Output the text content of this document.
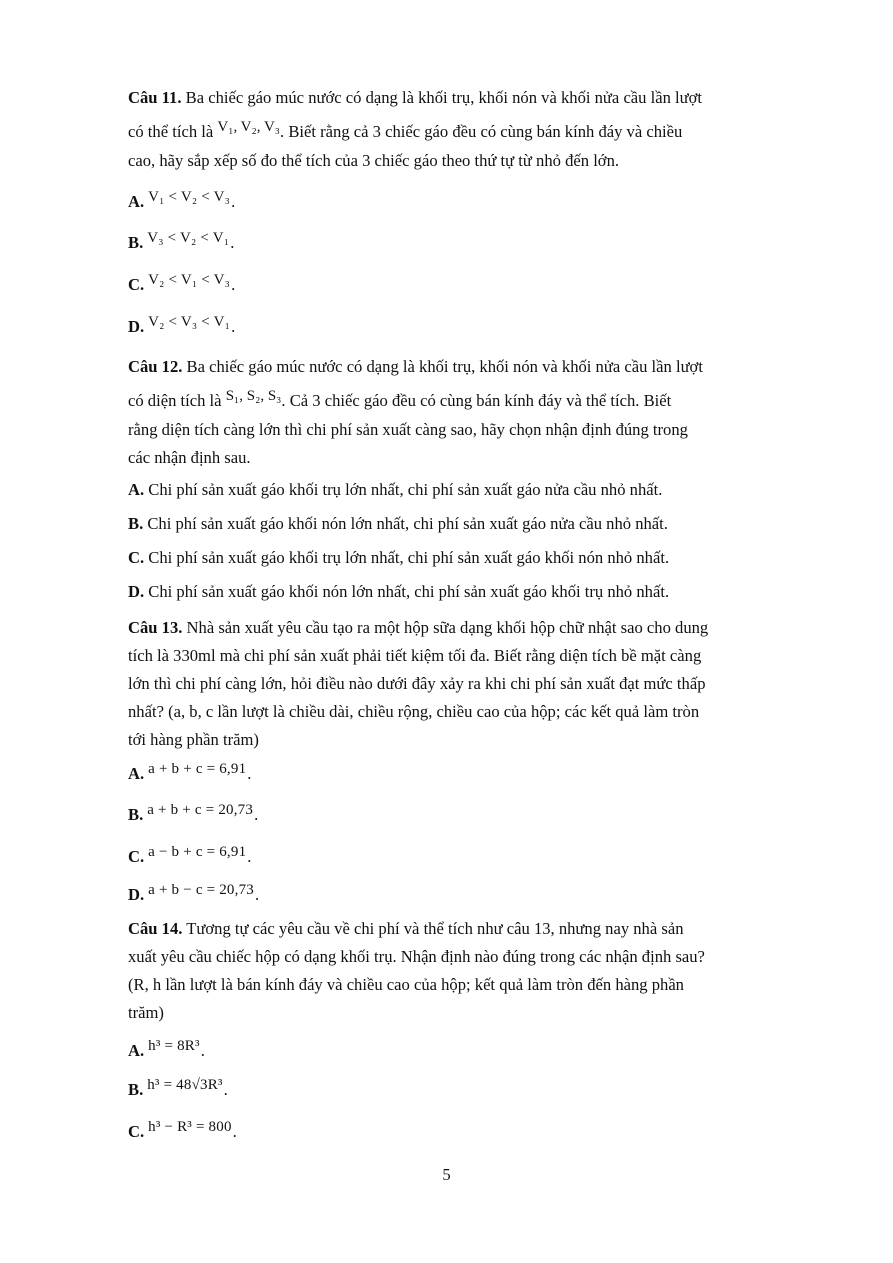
Câu 11. Ba chiếc gáo múc nước có dạng là khối trụ, khối nón và khối nửa cầu lần lượt
có thể tích là V₁, V₂, V₃. Biết rằng cả 3 chiếc gáo đều có cùng bán kính đáy và chiều
cao, hãy sắp xếp số đo thể tích của 3 chiếc gáo theo thứ tự từ nhỏ đến lớn.
A. V₁ < V₂ < V₃.
B. V₃ < V₂ < V₁.
C. V₂ < V₁ < V₃.
D. V₂ < V₃ < V₁.
Câu 12. Ba chiếc gáo múc nước có dạng là khối trụ, khối nón và khối nửa cầu lần lượt
có diện tích là S₁, S₂, S₃. Cả 3 chiếc gáo đều có cùng bán kính đáy và thể tích. Biết
rằng diện tích càng lớn thì chi phí sản xuất càng sao, hãy chọn nhận định đúng trong
các nhận định sau.
A. Chi phí sản xuất gáo khối trụ lớn nhất, chi phí sản xuất gáo nửa cầu nhỏ nhất.
B. Chi phí sản xuất gáo khối nón lớn nhất, chi phí sản xuất gáo nửa cầu nhỏ nhất.
C. Chi phí sản xuất gáo khối trụ lớn nhất, chi phí sản xuất gáo khối nón nhỏ nhất.
D. Chi phí sản xuất gáo khối nón lớn nhất, chi phí sản xuất gáo khối trụ nhỏ nhất.
Câu 13. Nhà sản xuất yêu cầu tạo ra một hộp sữa dạng khối hộp chữ nhật sao cho dung
tích là 330ml mà chi phí sản xuất phải tiết kiệm tối đa. Biết rằng diện tích bề mặt càng
lớn thì chi phí càng lớn, hỏi điều nào dưới đây xảy ra khi chi phí sản xuất đạt mức thấp
nhất? (a, b, c lần lượt là chiều dài, chiều rộng, chiều cao của hộp; các kết quả làm tròn
tới hàng phần trăm)
A. a + b + c = 6,91.
B. a + b + c = 20,73.
C. a − b + c = 6,91.
D. a + b − c = 20,73.
Câu 14. Tương tự các yêu cầu về chi phí và thể tích như câu 13, nhưng nay nhà sản
xuất yêu cầu chiếc hộp có dạng khối trụ. Nhận định nào đúng trong các nhận định sau?
(R, h lần lượt là bán kính đáy và chiều cao của hộp; kết quả làm tròn đến hàng phần
trăm)
A. h³ = 8R³.
B. h³ = 48√3R³.
C. h³ − R³ = 800.
5
